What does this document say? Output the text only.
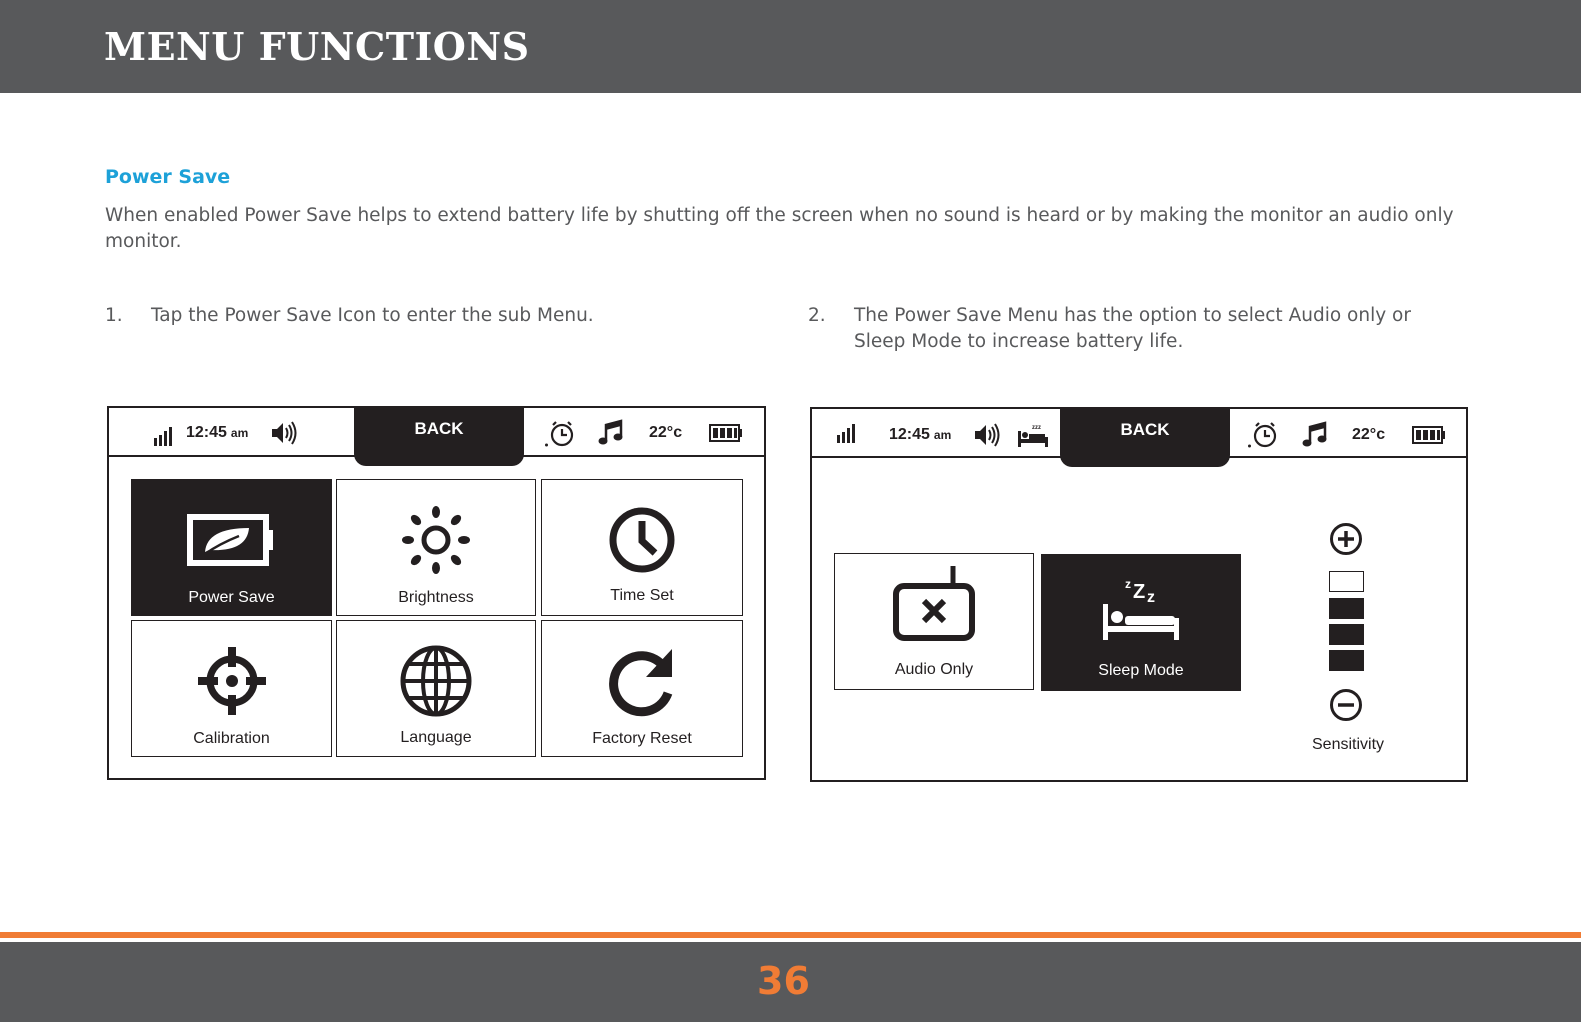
MENU FUNCTIONS
Power Save

When enabled Power Save helps to extend battery life by shutting off the screen when no sound is heard or by making the monitor an audio only monitor.

1. Tap the Power Save Icon to enter the sub Menu.	2. The Power Save Menu has the option to select Audio only or Sleep Mode to increase battery life.
12:45 am	BACK	22°c
Power Save	Brightness	Time Set
Calibration	Language	Factory Reset
12:45 am	zzz	BACK	22°c
Audio Only
z Z z
Sleep Mode
Sensitivity
36
